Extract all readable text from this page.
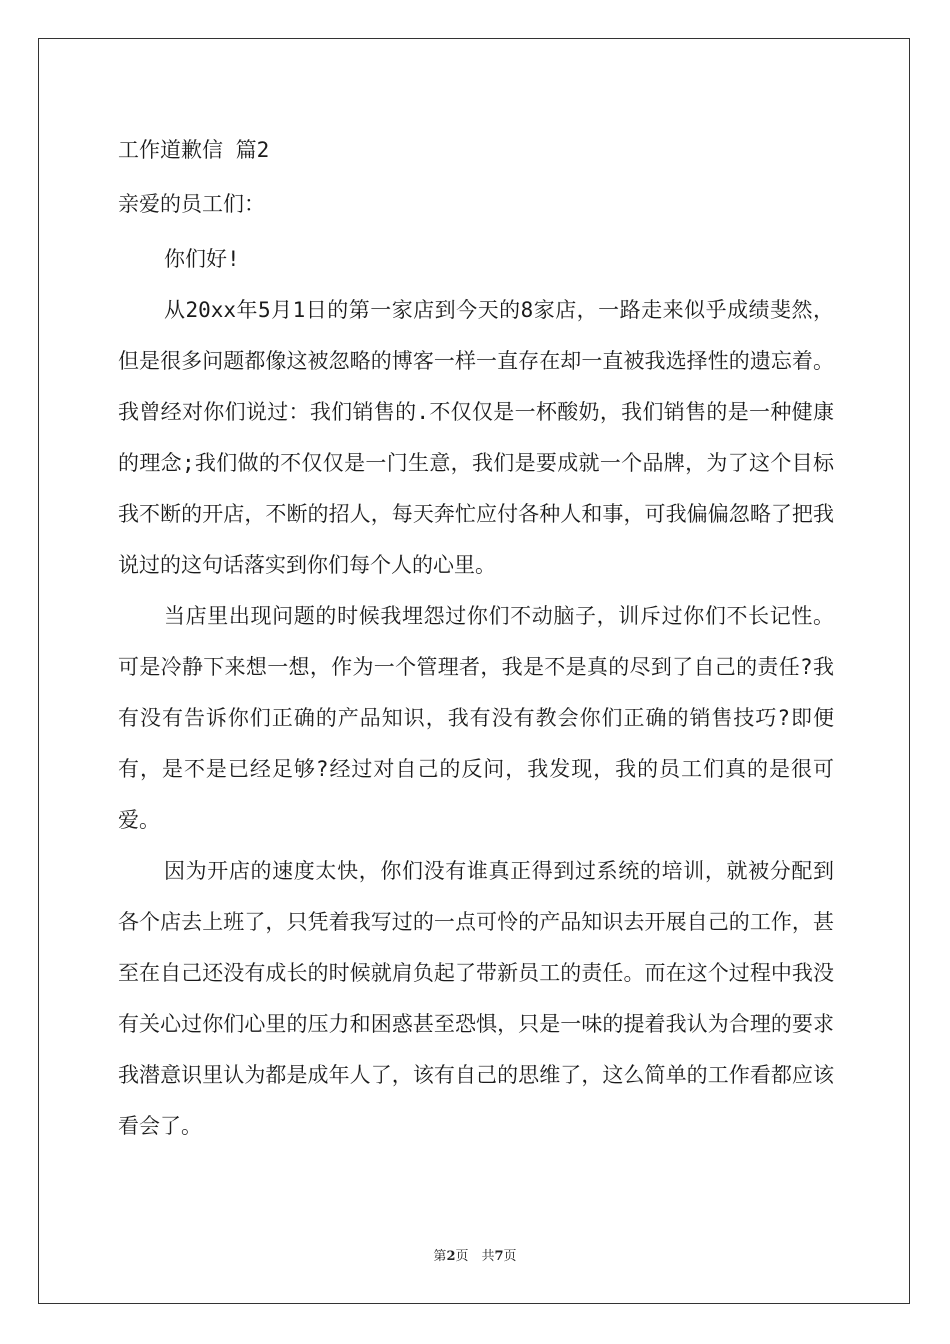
工作道歉信 篇2
亲爱的员工们：

你们好!

从20xx年5月1日的第一家店到今天的8家店，一路走来似乎成绩斐然，但是很多问题都像这被忽略的博客一样一直存在却一直被我选择性的遗忘着。我曾经对你们说过：我们销售的.不仅仅是一杯酸奶，我们销售的是一种健康的理念;我们做的不仅仅是一门生意，我们是要成就一个品牌，为了这个目标我不断的开店，不断的招人，每天奔忙应付各种人和事，可我偏偏忽略了把我说过的这句话落实到你们每个人的心里。

当店里出现问题的时候我埋怨过你们不动脑子，训斥过你们不长记性。可是冷静下来想一想，作为一个管理者，我是不是真的尽到了自己的责任?我有没有告诉你们正确的产品知识，我有没有教会你们正确的销售技巧?即便有，是不是已经足够?经过对自己的反问，我发现，我的员工们真的是很可爱。

因为开店的速度太快，你们没有谁真正得到过系统的培训，就被分配到各个店去上班了，只凭着我写过的一点可怜的产品知识去开展自己的工作，甚至在自己还没有成长的时候就肩负起了带新员工的责任。而在这个过程中我没有关心过你们心里的压力和困惑甚至恐惧，只是一味的提着我认为合理的要求我潜意识里认为都是成年人了，该有自己的思维了，这么简单的工作看都应该看会了。

第2页　共7页
